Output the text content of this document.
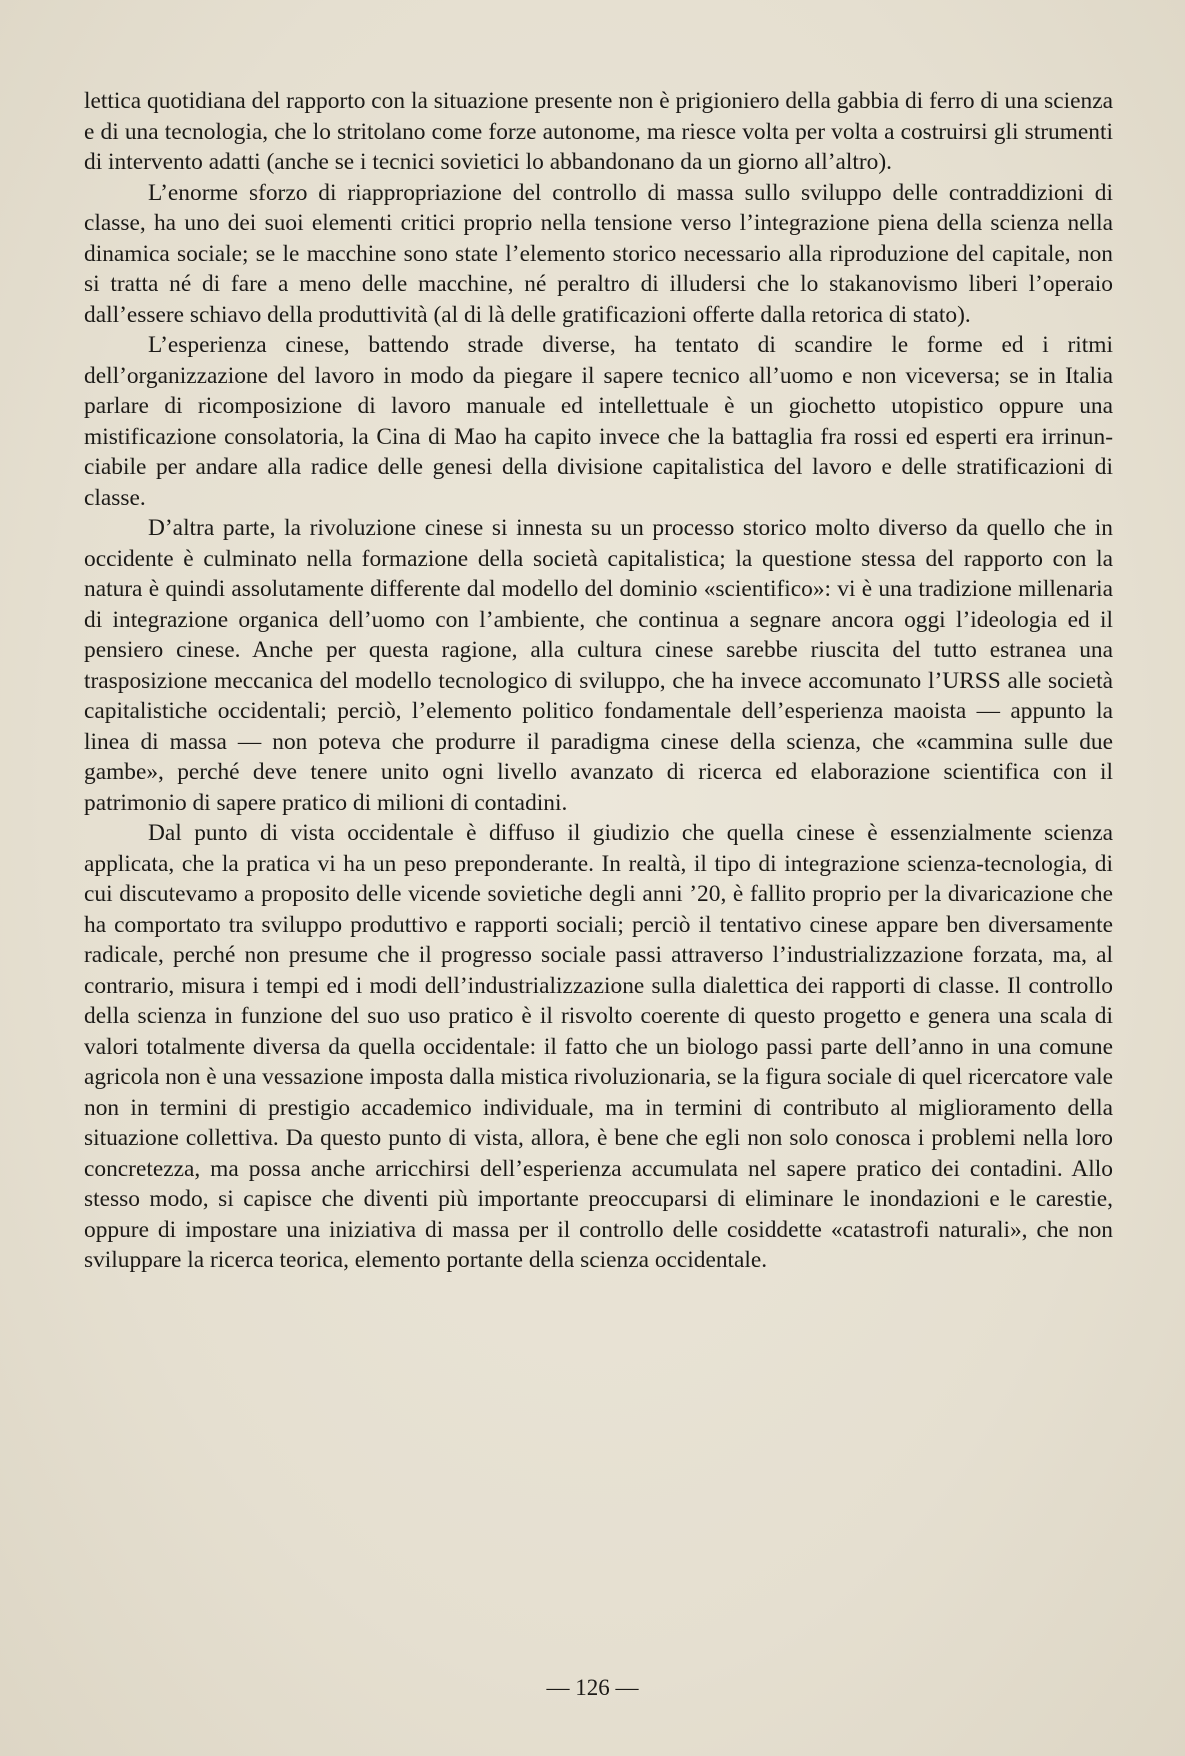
lettica quotidiana del rapporto con la situazione presente non è prigioniero della gabbia di ferro di una scienza e di una tecnologia, che lo stritolano come forze autonome, ma riesce volta per volta a costruirsi gli strumenti di intervento adatti (anche se i tecnici sovietici lo abbandonano da un giorno all’altro).

L’enorme sforzo di riappropriazione del controllo di massa sullo sviluppo delle contraddizioni di classe, ha uno dei suoi elementi critici proprio nella tensione verso l’integrazione piena della scienza nella dinamica sociale; se le macchine sono state l’elemento storico necessario alla riproduzione del capitale, non si tratta né di fare a meno delle macchine, né peraltro di illudersi che lo stakanovismo liberi l’operaio dall’essere schiavo della produttività (al di là delle gratificazioni offerte dalla retorica di stato).

L’esperienza cinese, battendo strade diverse, ha tentato di scandire le forme ed i ritmi dell’organizzazione del lavoro in modo da piegare il sapere tecnico all’uomo e non viceversa; se in Italia parlare di ricomposizione di lavoro manuale ed intellettuale è un giochetto utopistico oppure una mistificazione consolatoria, la Cina di Mao ha capito invece che la battaglia fra rossi ed esperti era irrinunciabile per andare alla radice delle genesi della divisione capitalistica del lavoro e delle stratificazioni di classe.

D’altra parte, la rivoluzione cinese si innesta su un processo storico molto diverso da quello che in occidente è culminato nella formazione della società capitalistica; la questione stessa del rapporto con la natura è quindi assolutamente differente dal modello del dominio «scientifico»: vi è una tradizione millenaria di integrazione organica dell’uomo con l’ambiente, che continua a segnare ancora oggi l’ideologia ed il pensiero cinese. Anche per questa ragione, alla cultura cinese sarebbe riuscita del tutto estranea una trasposizione meccanica del modello tecnologico di sviluppo, che ha invece accomunato l’URSS alle società capitalistiche occidentali; perciò, l’elemento politico fondamentale dell’esperienza maoista — appunto la linea di massa — non poteva che produrre il paradigma cinese della scienza, che «cammina sulle due gambe», perché deve tenere unito ogni livello avanzato di ricerca ed elaborazione scientifica con il patrimonio di sapere pratico di milioni di contadini.

Dal punto di vista occidentale è diffuso il giudizio che quella cinese è essenzialmente scienza applicata, che la pratica vi ha un peso preponderante. In realtà, il tipo di integrazione scienza-tecnologia, di cui discutevamo a proposito delle vicende sovietiche degli anni ’20, è fallito proprio per la divaricazione che ha comportato tra sviluppo produttivo e rapporti sociali; perciò il tentativo cinese appare ben diversamente radicale, perché non presume che il progresso sociale passi attraverso l’industrializzazione forzata, ma, al contrario, misura i tempi ed i modi dell’industrializzazione sulla dialettica dei rapporti di classe. Il controllo della scienza in funzione del suo uso pratico è il risvolto coerente di questo progetto e genera una scala di valori totalmente diversa da quella occidentale: il fatto che un biologo passi parte dell’anno in una comune agricola non è una vessazione imposta dalla mistica rivoluzionaria, se la figura sociale di quel ricercatore vale non in termini di prestigio accademico individuale, ma in termini di contributo al miglioramento della situazione collettiva. Da questo punto di vista, allora, è bene che egli non solo conosca i problemi nella loro concretezza, ma possa anche arricchirsi dell’esperienza accumulata nel sapere pratico dei contadini. Allo stesso modo, si capisce che diventi più importante preoccuparsi di eliminare le inondazioni e le carestie, oppure di impostare una iniziativa di massa per il controllo delle cosiddette «catastrofi naturali», che non sviluppare la ricerca teorica, elemento portante della scienza occidentale.

— 126 —
